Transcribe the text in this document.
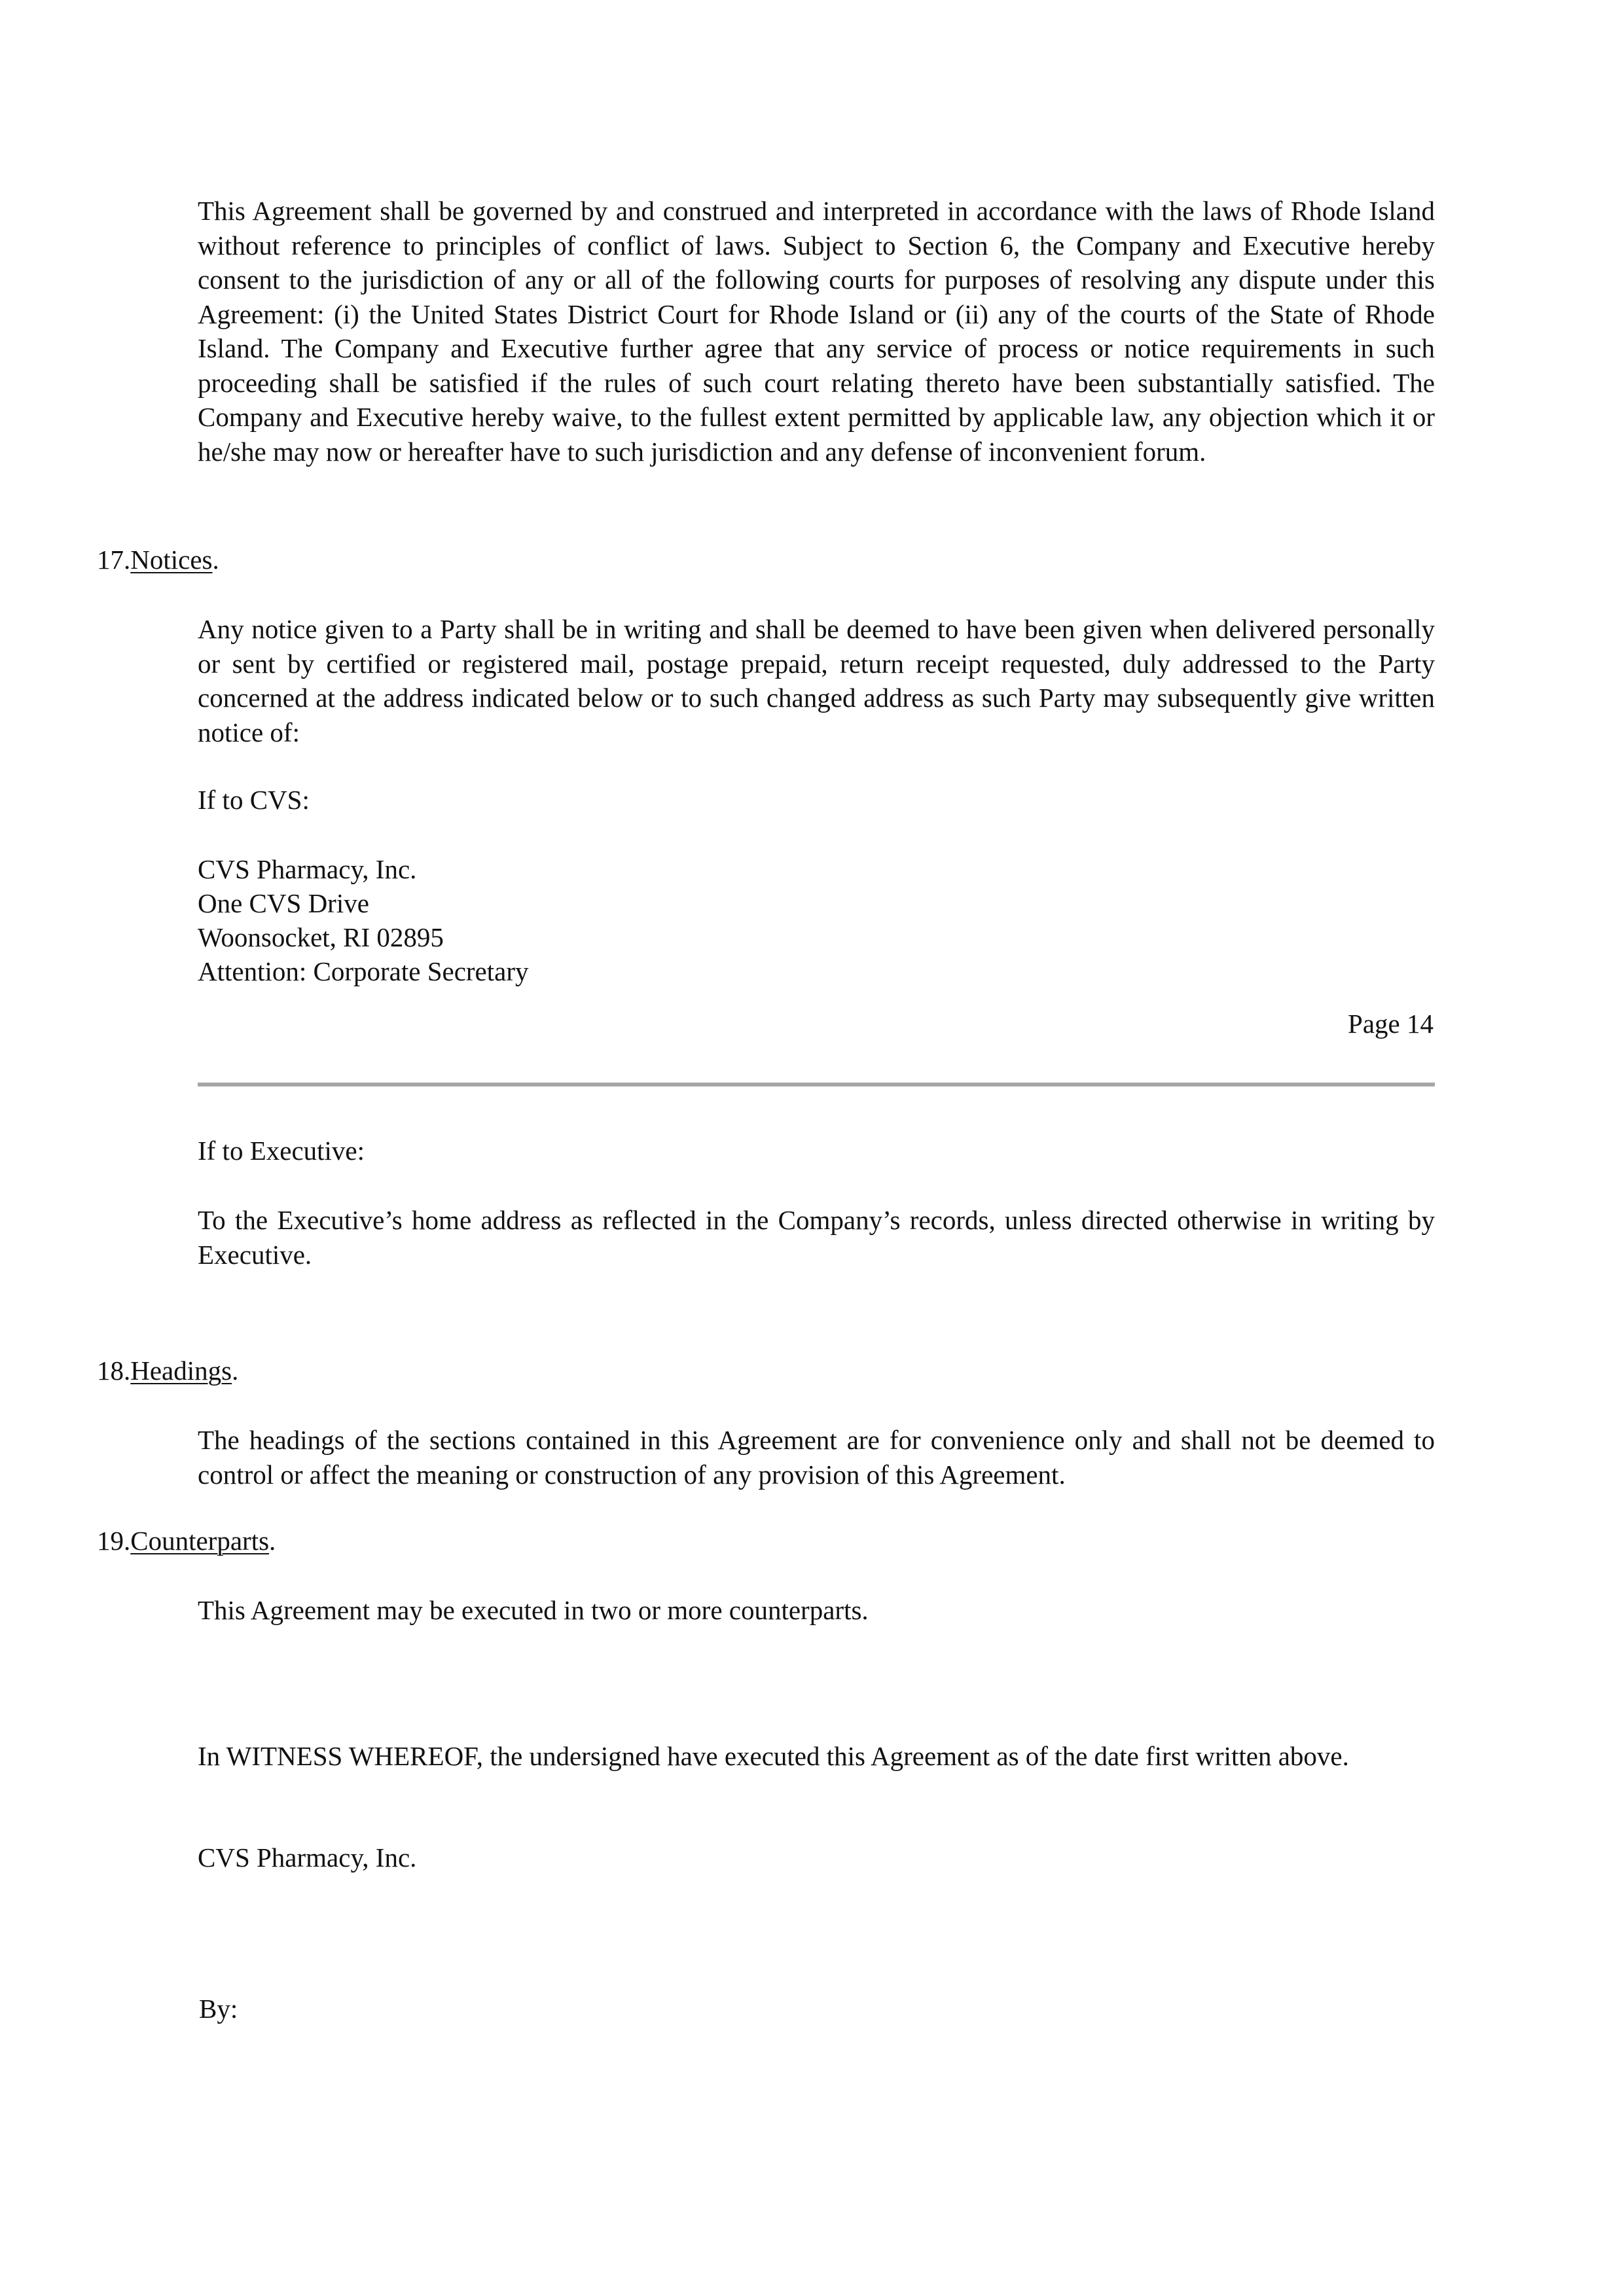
This Agreement shall be governed by and construed and interpreted in accordance with the laws of Rhode Island without reference to principles of conflict of laws. Subject to Section 6, the Company and Executive hereby consent to the jurisdiction of any or all of the following courts for purposes of resolving any dispute under this Agreement: (i) the United States District Court for Rhode Island or (ii) any of the courts of the State of Rhode Island. The Company and Executive further agree that any service of process or notice requirements in such proceeding shall be satisfied if the rules of such court relating thereto have been substantially satisfied. The Company and Executive hereby waive, to the fullest extent permitted by applicable law, any objection which it or he/she may now or hereafter have to such jurisdiction and any defense of inconvenient forum.

17.Notices.

Any notice given to a Party shall be in writing and shall be deemed to have been given when delivered personally or sent by certified or registered mail, postage prepaid, return receipt requested, duly addressed to the Party concerned at the address indicated below or to such changed address as such Party may subsequently give written notice of:

If to CVS:

CVS Pharmacy, Inc.

One CVS Drive

Woonsocket, RI 02895

Attention: Corporate Secretary

Page 14

If to Executive:

To the Executive’s home address as reflected in the Company’s records, unless directed otherwise in writing by Executive.

18.Headings.

The headings of the sections contained in this Agreement are for convenience only and shall not be deemed to control or affect the meaning or construction of any provision of this Agreement.

19.Counterparts.

This Agreement may be executed in two or more counterparts.

In WITNESS WHEREOF, the undersigned have executed this Agreement as of the date first written above.

CVS Pharmacy, Inc.

By:
